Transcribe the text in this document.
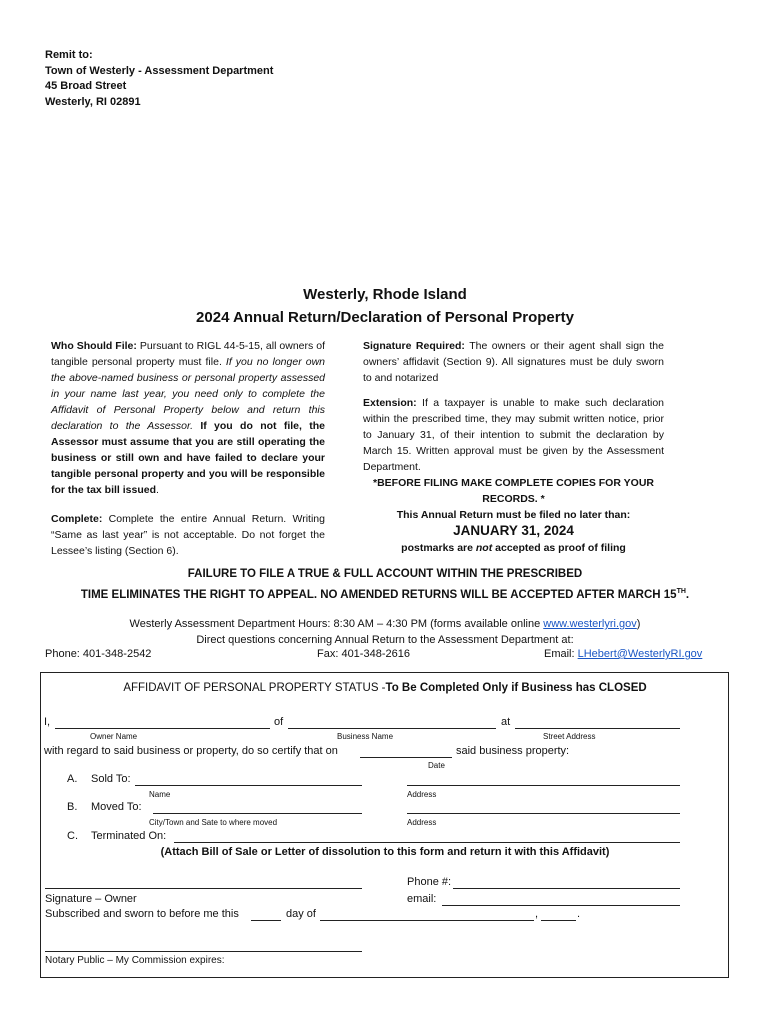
Remit to:
Town of Westerly - Assessment Department
45 Broad Street
Westerly, RI 02891
Westerly, Rhode Island
2024 Annual Return/Declaration of Personal Property

Who Should File: Pursuant to RIGL 44-5-15, all owners of tangible personal property must file. If you no longer own the above-named business or personal property assessed in your name last year, you need only to complete the Affidavit of Personal Property below and return this declaration to the Assessor. If you do not file, the Assessor must assume that you are still operating the business or still own and have failed to declare your tangible personal property and you will be responsible for the tax bill issued.

Complete: Complete the entire Annual Return. Writing “Same as last year” is not acceptable. Do not forget the Lessee’s listing (Section 6).

Signature Required: The owners or their agent shall sign the owners’ affidavit (Section 9). All signatures must be duly sworn to and notarized

Extension: If a taxpayer is unable to make such declaration within the prescribed time, they may submit written notice, prior to January 31, of their intention to submit the declaration by March 15. Written approval must be given by the Assessment Department.

*BEFORE FILING MAKE COMPLETE COPIES FOR YOUR RECORDS. *

This Annual Return must be filed no later than:

JANUARY 31, 2024

postmarks are not accepted as proof of filing

FAILURE TO FILE A TRUE & FULL ACCOUNT WITHIN THE PRESCRIBED
TIME ELIMINATES THE RIGHT TO APPEAL. NO AMENDED RETURNS WILL BE ACCEPTED AFTER MARCH 15TH.
Westerly Assessment Department Hours: 8:30 AM – 4:30 PM (forms available online www.westerlyri.gov)
Direct questions concerning Annual Return to the Assessment Department at:
Phone: 401-348-2542	Fax: 401-348-2616	Email: LHebert@WesterlyRI.gov
AFFIDAVIT OF PERSONAL PROPERTY STATUS -To Be Completed Only if Business has CLOSED
I,	of	at
Owner Name	Business Name	Street Address
with regard to said business or property, do so certify that on	said business property:
Date
A. Sold To:
Name	Address
B. Moved To:
City/Town and Sate to where moved	Address
C. Terminated On:
(Attach Bill of Sale or Letter of dissolution to this form and return it with this Affidavit)
Phone #:
Signature – Owner	email:
Subscribed and sworn to before me this	day of	,	.
Notary Public – My Commission expires:
